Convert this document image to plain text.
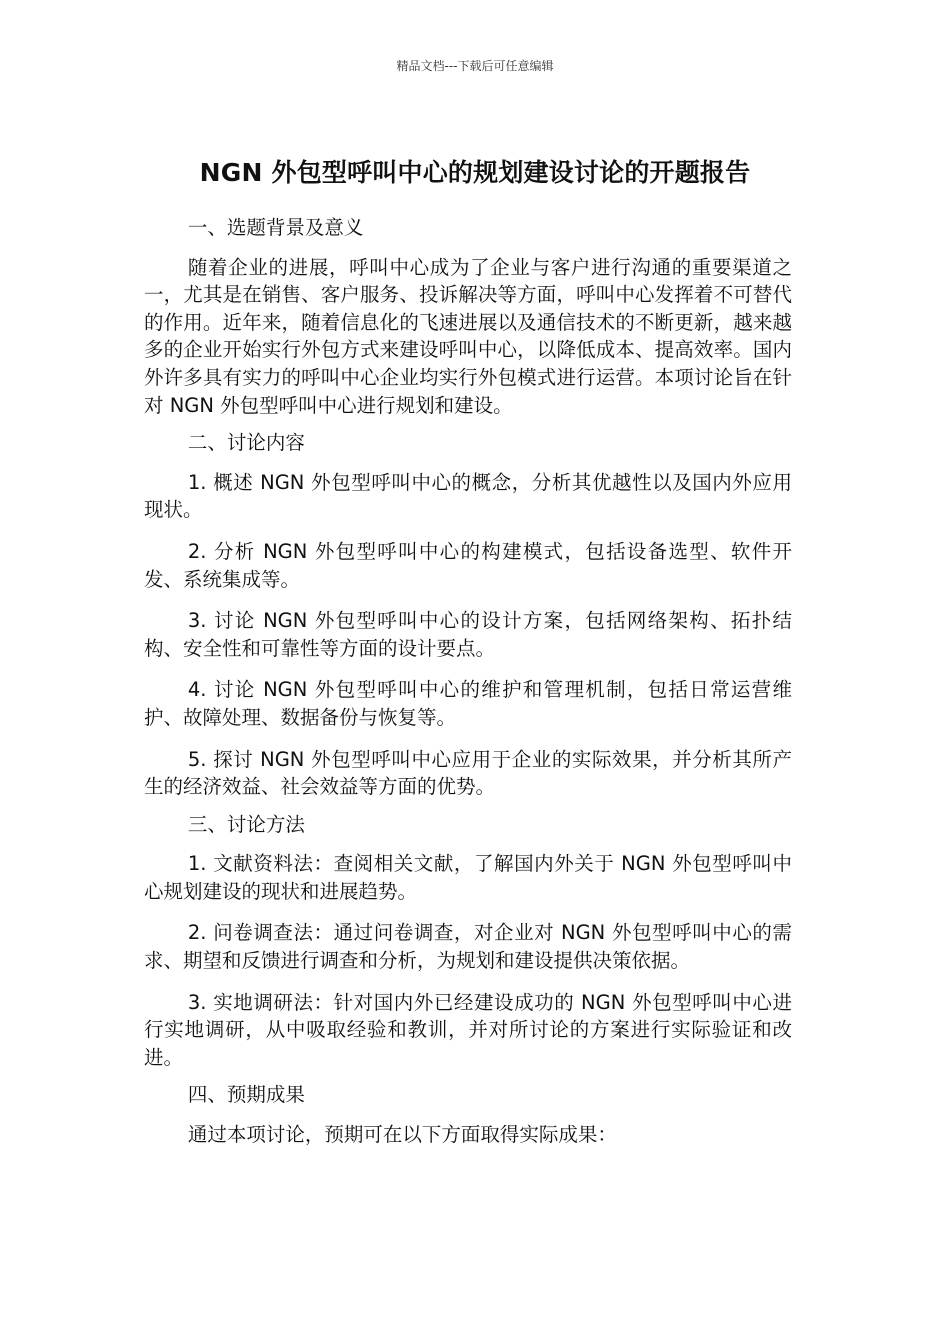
精品文档---下载后可任意编辑
NGN 外包型呼叫中心的规划建设讨论的开题报告

一、选题背景及意义

随着企业的进展，呼叫中心成为了企业与客户进行沟通的重要渠道之一，尤其是在销售、客户服务、投诉解决等方面，呼叫中心发挥着不可替代的作用。近年来，随着信息化的飞速进展以及通信技术的不断更新，越来越多的企业开始实行外包方式来建设呼叫中心，以降低成本、提高效率。国内外许多具有实力的呼叫中心企业均实行外包模式进行运营。本项讨论旨在针对 NGN 外包型呼叫中心进行规划和建设。

二、讨论内容

1. 概述 NGN 外包型呼叫中心的概念，分析其优越性以及国内外应用现状。

2. 分析 NGN 外包型呼叫中心的构建模式，包括设备选型、软件开发、系统集成等。

3. 讨论 NGN 外包型呼叫中心的设计方案，包括网络架构、拓扑结构、安全性和可靠性等方面的设计要点。

4. 讨论 NGN 外包型呼叫中心的维护和管理机制，包括日常运营维护、故障处理、数据备份与恢复等。

5. 探讨 NGN 外包型呼叫中心应用于企业的实际效果，并分析其所产生的经济效益、社会效益等方面的优势。

三、讨论方法

1. 文献资料法：查阅相关文献，了解国内外关于 NGN 外包型呼叫中心规划建设的现状和进展趋势。

2. 问卷调查法：通过问卷调查，对企业对 NGN 外包型呼叫中心的需求、期望和反馈进行调查和分析，为规划和建设提供决策依据。

3. 实地调研法：针对国内外已经建设成功的 NGN 外包型呼叫中心进行实地调研，从中吸取经验和教训，并对所讨论的方案进行实际验证和改进。

四、预期成果

通过本项讨论，预期可在以下方面取得实际成果：
